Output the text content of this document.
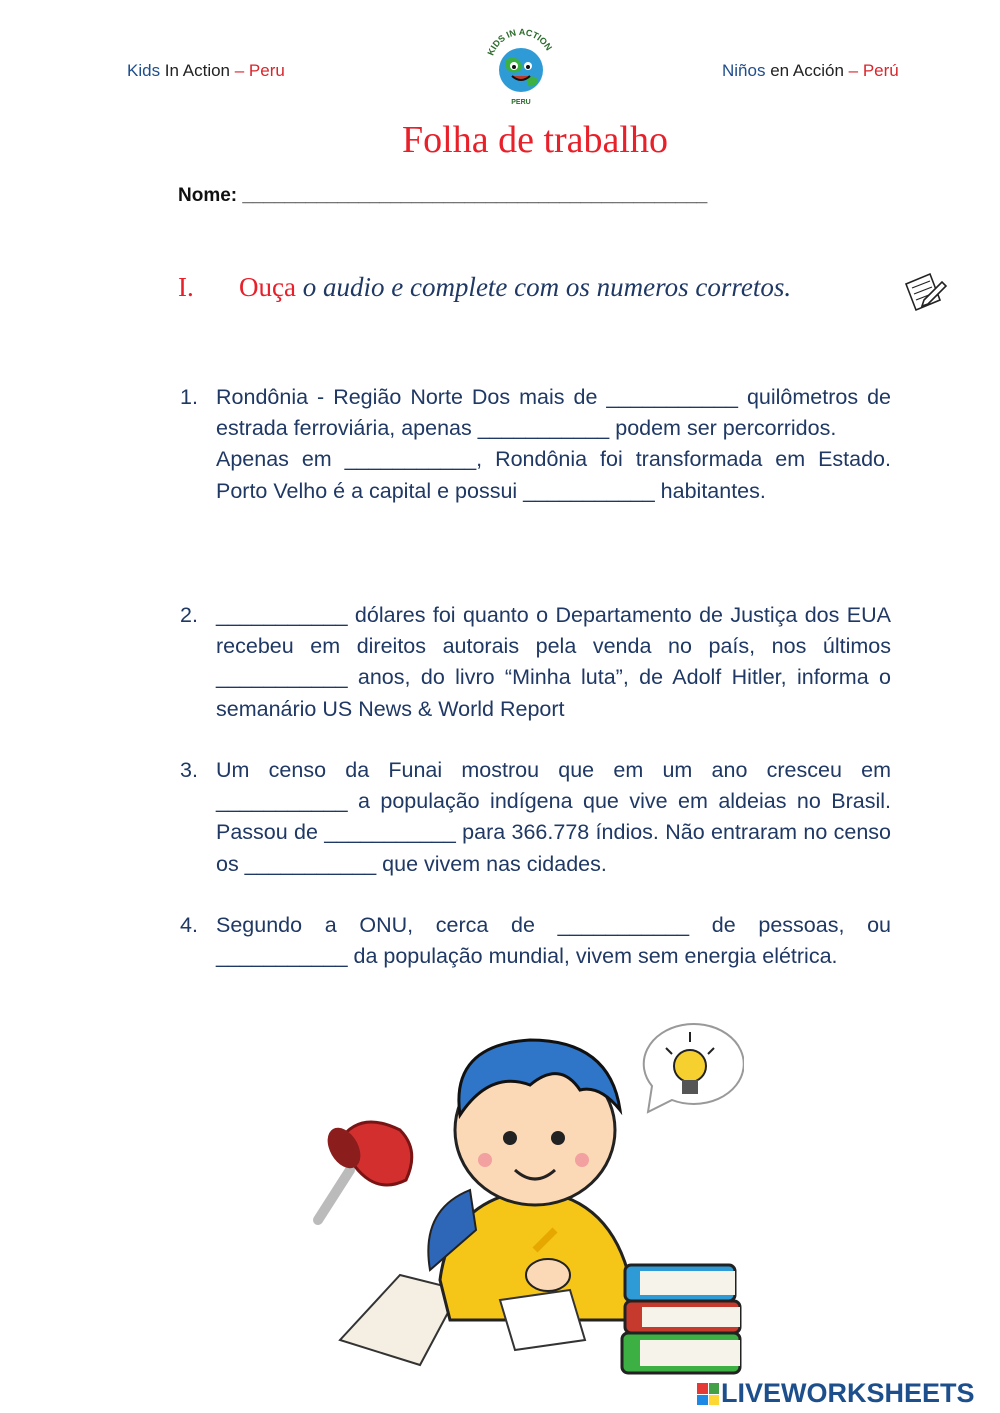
Kids In Action – Peru	Niños en Acción – Perú
KIDS IN ACTION
PERU
Folha de trabalho
Nome: ____________________________________________
I. Ouça o audio e complete com os numeros corretos.
1. Rondônia - Região Norte Dos mais de ___________ quilômetros de estrada ferroviária, apenas ___________ podem ser percorridos.

Apenas em ___________, Rondônia foi transformada em Estado. Porto Velho é a capital e possui ___________ habitantes.

2. ___________ dólares foi quanto o Departamento de Justiça dos EUA recebeu em direitos autorais pela venda no país, nos últimos ___________ anos, do livro “Minha luta”, de Adolf Hitler, informa o semanário US News & World Report

3. Um censo da Funai mostrou que em um ano cresceu em ___________ a população indígena que vive em aldeias no Brasil. Passou de ___________ para 366.778 índios. Não entraram no censo os ___________ que vivem nas cidades.

4. Segundo a ONU, cerca de ___________ de pessoas, ou ___________ da população mundial, vivem sem energia elétrica.

LIVEWORKSHEETS
